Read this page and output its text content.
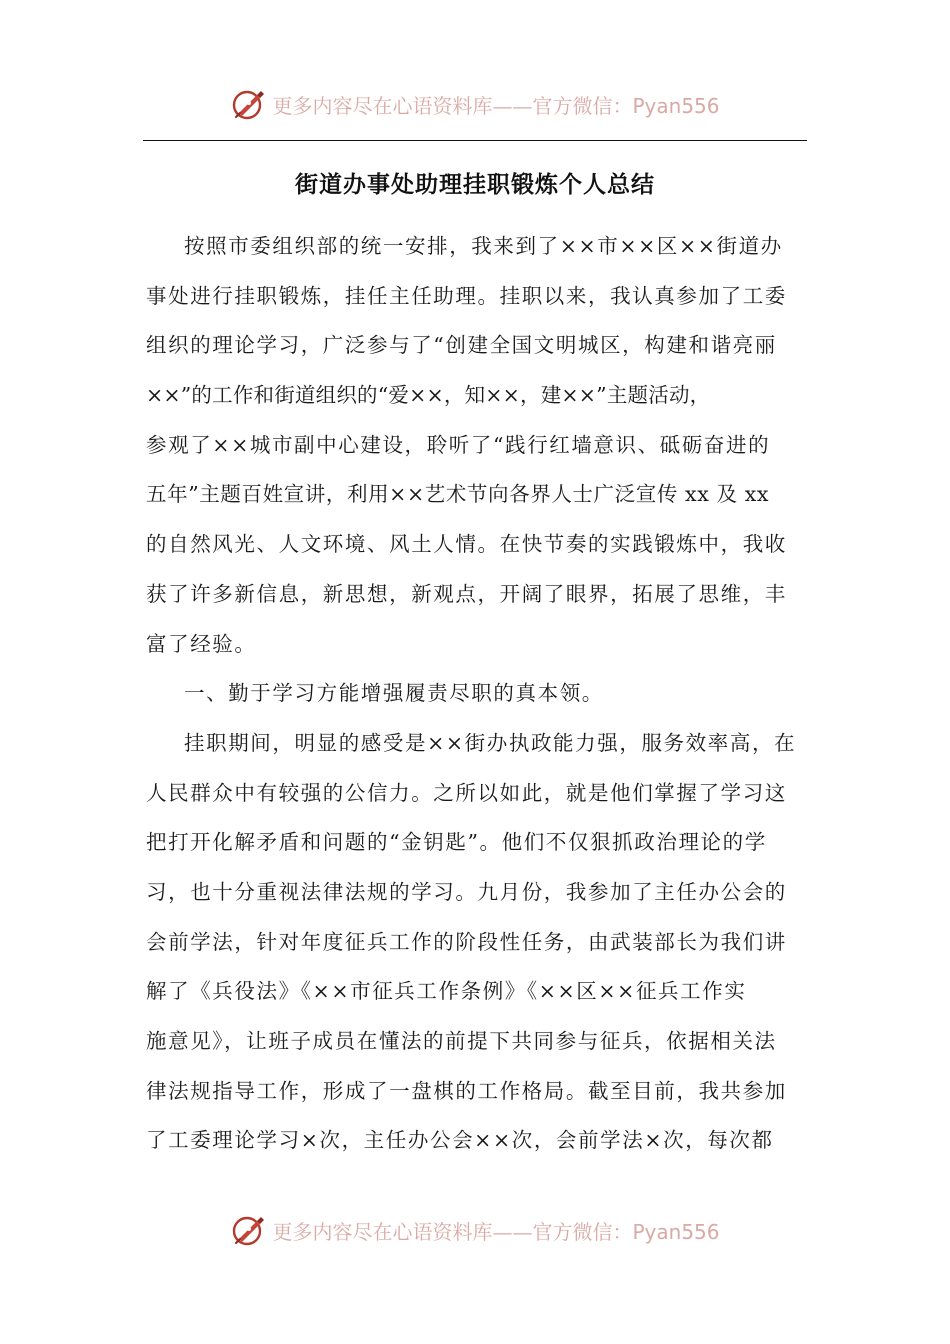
更多内容尽在心语资料库——官方微信：Pyan556
街道办事处助理挂职锻炼个人总结
按照市委组织部的统一安排，我来到了××市××区××街道办
事处进行挂职锻炼，挂任主任助理。挂职以来，我认真参加了工委
组织的理论学习，广泛参与了“创建全国文明城区，构建和谐亮丽
××”的工作和街道组织的“爱××，知××，建××”主题活动，
参观了××城市副中心建设，聆听了“践行红墙意识、砥砺奋进的
五年”主题百姓宣讲，利用××艺术节向各界人士广泛宣传 xx 及 xx
的自然风光、人文环境、风土人情。在快节奏的实践锻炼中，我收
获了许多新信息，新思想，新观点，开阔了眼界，拓展了思维，丰
富了经验。
一、勤于学习方能增强履责尽职的真本领。
挂职期间，明显的感受是××街办执政能力强，服务效率高，在
人民群众中有较强的公信力。之所以如此，就是他们掌握了学习这
把打开化解矛盾和问题的“金钥匙”。他们不仅狠抓政治理论的学
习，也十分重视法律法规的学习。九月份，我参加了主任办公会的
会前学法，针对年度征兵工作的阶段性任务，由武装部长为我们讲
解了《兵役法》《××市征兵工作条例》《××区××征兵工作实
施意见》，让班子成员在懂法的前提下共同参与征兵，依据相关法
律法规指导工作，形成了一盘棋的工作格局。截至目前，我共参加
了工委理论学习×次，主任办公会××次，会前学法×次，每次都
更多内容尽在心语资料库——官方微信：Pyan556
